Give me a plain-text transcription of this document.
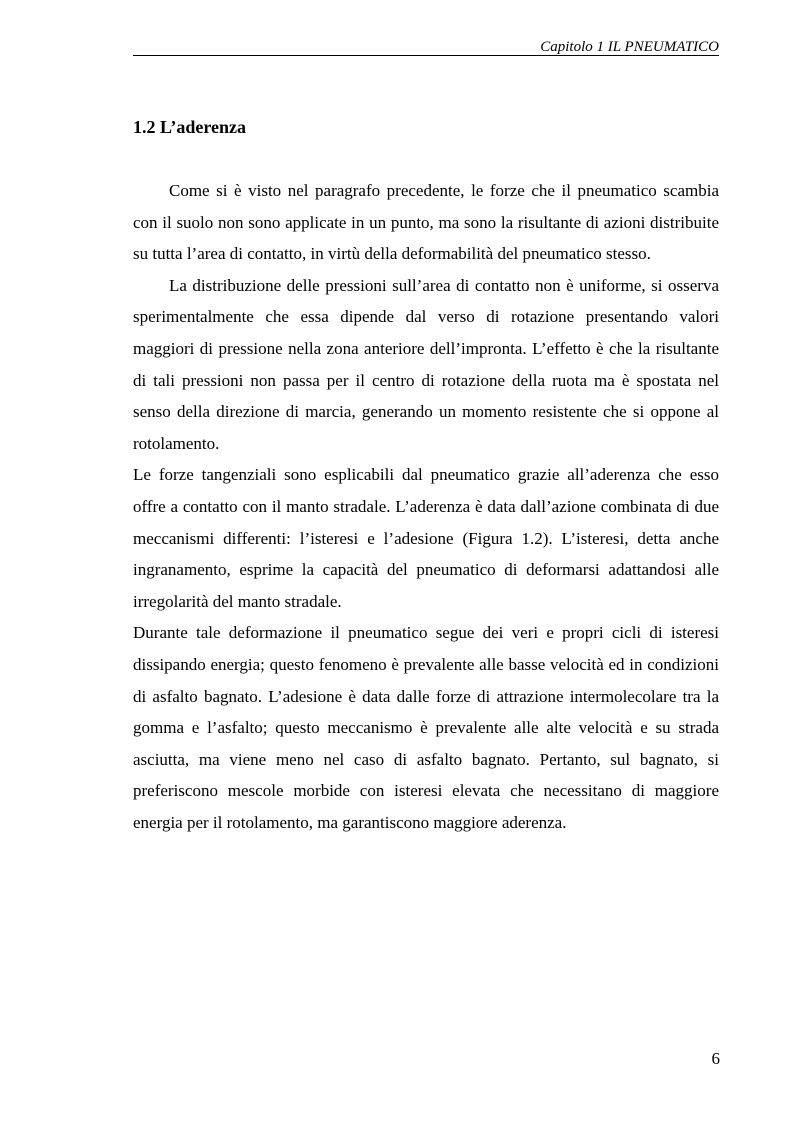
Capitolo 1 IL PNEUMATICO
1.2 L’aderenza

Come si è visto nel paragrafo precedente, le forze che il pneumatico scambia con il suolo non sono applicate in un punto, ma sono la risultante di azioni distribuite su tutta l’area di contatto, in virtù della deformabilità del pneumatico stesso.

La distribuzione delle pressioni sull’area di contatto non è uniforme, si osserva sperimentalmente che essa dipende dal verso di rotazione presentando valori maggiori di pressione nella zona anteriore dell’impronta. L’effetto è che la risultante di tali pressioni non passa per il centro di rotazione della ruota ma è spostata nel senso della direzione di marcia, generando un momento resistente che si oppone al rotolamento.

Le forze tangenziali sono esplicabili dal pneumatico grazie all’aderenza che esso offre a contatto con il manto stradale. L’aderenza è data dall’azione combinata di due meccanismi differenti: l’isteresi e l’adesione (Figura 1.2). L’isteresi, detta anche ingranamento, esprime la capacità del pneumatico di deformarsi adattandosi alle irregolarità del manto stradale.

Durante tale deformazione il pneumatico segue dei veri e propri cicli di isteresi dissipando energia; questo fenomeno è prevalente alle basse velocità ed in condizioni di asfalto bagnato. L’adesione è data dalle forze di attrazione intermolecolare tra la gomma e l’asfalto; questo meccanismo è prevalente alle alte velocità e su strada asciutta, ma viene meno nel caso di asfalto bagnato. Pertanto, sul bagnato, si preferiscono mescole morbide con isteresi elevata che necessitano di maggiore energia per il rotolamento, ma garantiscono maggiore aderenza.

6
